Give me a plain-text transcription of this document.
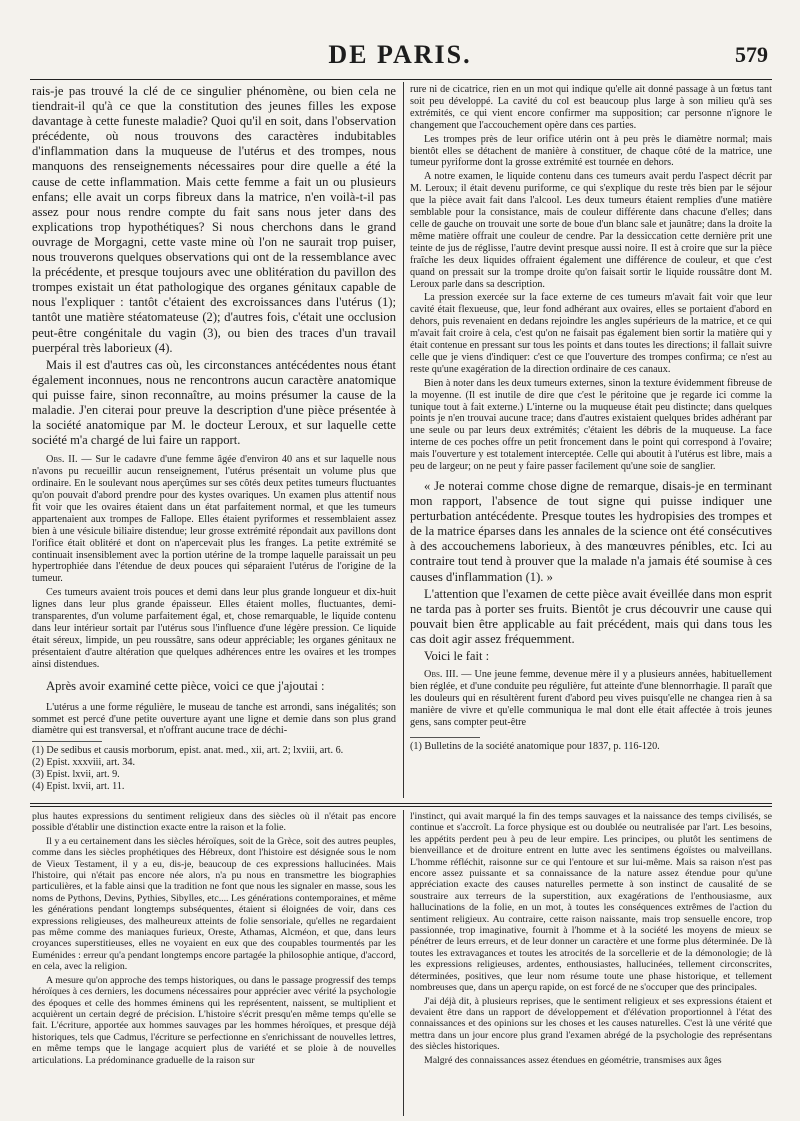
DE PARIS.	579

rais-je pas trouvé la clé de ce singulier phénomène, ou bien cela ne tiendrait-il qu'à ce que la constitution des jeunes filles les expose davantage à cette funeste maladie? Quoi qu'il en soit, dans l'observation précédente, où nous trouvons des caractères indubitables d'inflammation dans la muqueuse de l'utérus et des trompes, nous manquons des renseignements nécessaires pour dire quelle a été la cause de cette inflammation. Mais cette femme a fait un ou plusieurs enfans; elle avait un corps fibreux dans la matrice, n'en voilà-t-il pas assez pour nous rendre compte du fait sans nous jeter dans des explications trop hypothétiques? Si nous cherchons dans le grand ouvrage de Morgagni, cette vaste mine où l'on ne saurait trop puiser, nous trouverons quelques observations qui ont de la ressemblance avec la précédente, et presque toujours avec une oblitération du pavillon des trompes existait un état pathologique des organes génitaux capable de nous l'expliquer : tantôt c'étaient des excroissances dans l'utérus (1); tantôt une matière stéatomateuse (2); d'autres fois, c'était une occlusion peut-être congénitale du vagin (3), ou bien des traces d'un travail puerpéral très laborieux (4).

Mais il est d'autres cas où, les circonstances antécédentes nous étant également inconnues, nous ne rencontrons aucun caractère anatomique qui puisse faire, sinon reconnaître, au moins présumer la cause de la maladie. J'en citerai pour preuve la description d'une pièce présentée à la société anatomique par M. le docteur Leroux, et sur laquelle cette société m'a chargé de lui faire un rapport.

Obs. II. — Sur le cadavre d'une femme âgée d'environ 40 ans et sur laquelle nous n'avons pu recueillir aucun renseignement, l'utérus présentait un volume plus que ordinaire. En le soulevant nous aperçûmes sur ses côtés deux petites tumeurs fluctuantes qu'on pouvait d'abord prendre pour des kystes ovariques. Un examen plus attentif nous fit voir que les ovaires étaient dans un état parfaitement normal, et que les tumeurs appartenaient aux trompes de Fallope. Elles étaient pyriformes et ressemblaient assez bien à une vésicule biliaire distendue; leur grosse extrémité répondait aux pavillons dont l'orifice était oblitéré et dont on n'apercevait plus les franges. La petite extrémité se continuait insensiblement avec la portion utérine de la trompe laquelle paraissait un peu hypertrophiée dans l'étendue de deux pouces qui séparaient l'utérus de l'origine de la tumeur.

Ces tumeurs avaient trois pouces et demi dans leur plus grande longueur et dix-huit lignes dans leur plus grande épaisseur. Elles étaient molles, fluctuantes, demi-transparentes, d'un volume parfaitement égal, et, chose remarquable, le liquide contenu dans leur intérieur sortait par l'utérus sous l'influence d'une légère pression. Ce liquide était séreux, limpide, un peu roussâtre, sans odeur appréciable; les organes génitaux ne présentaient d'autre altération que quelques adhérences entre les ovaires et les trompes ainsi distendues.

Après avoir examiné cette pièce, voici ce que j'ajoutai :

L'utérus a une forme régulière, le museau de tanche est arrondi, sans inégalités; son sommet est percé d'une petite ouverture ayant une ligne et demie dans son plus grand diamètre qui est transversal, et n'offrant aucune trace de déchi-

(1) De sedibus et causis morborum, epist. anat. med., xii, art. 2; lxviii, art. 6.
(2) Epist. xxxviii, art. 34.
(3) Epist. lxvii, art. 9.
(4) Epist. lxvii, art. 11.

rure ni de cicatrice, rien en un mot qui indique qu'elle ait donné passage à un fœtus tant soit peu développé. La cavité du col est beaucoup plus large à son milieu qu'à ses extrémités, ce qui vient encore confirmer ma supposition; car personne n'ignore le changement que l'accouchement opère dans ces parties.

Les trompes près de leur orifice utérin ont à peu près le diamètre normal; mais bientôt elles se détachent de manière à constituer, de chaque côté de la matrice, une tumeur pyriforme dont la grosse extrémité est tournée en dehors.

A notre examen, le liquide contenu dans ces tumeurs avait perdu l'aspect décrit par M. Leroux; il était devenu puriforme, ce qui s'explique du reste très bien par le séjour que la pièce avait fait dans l'alcool. Les deux tumeurs étaient remplies d'une matière semblable pour la consistance, mais de couleur différente dans chacune d'elles; dans celle de gauche on trouvait une sorte de boue d'un blanc sale et jaunâtre; dans la droite la même matière offrait une couleur de cendre. Par la dessiccation cette dernière prit une teinte de jus de réglisse, l'autre devint presque aussi noire. Il est à croire que sur la pièce fraîche les deux liquides offraient également une différence de couleur, et que c'est quand on pressait sur la trompe droite qu'on faisait sortir le liquide roussâtre dont M. Leroux parle dans sa description.

La pression exercée sur la face externe de ces tumeurs m'avait fait voir que leur cavité était flexueuse, que, leur fond adhérant aux ovaires, elles se portaient d'abord en dehors, puis revenaient en dedans rejoindre les angles supérieurs de la matrice, et ce qui m'avait fait croire à cela, c'est qu'on ne faisait pas également bien sortir la matière qui y était contenue en pressant sur tous les points et dans toutes les directions; il fallait suivre celle que je viens d'indiquer: c'est ce que l'ouverture des trompes confirma; ce n'est au reste qu'une exagération de la direction ordinaire de ces canaux.

Bien à noter dans les deux tumeurs externes, sinon la texture évidemment fibreuse de la moyenne. (Il est inutile de dire que c'est le péritoine que je regarde ici comme la tunique tout à fait externe.) L'interne ou la muqueuse était peu distincte; dans quelques points je n'en trouvai aucune trace; dans d'autres existaient quelques brides adhérant par une seule ou par leurs deux extrémités; c'étaient les débris de la muqueuse. La face interne de ces poches offre un petit froncement dans le point qui correspond à l'ovaire; mais l'ouverture y est totalement interceptée. Celle qui aboutit à l'utérus est libre, mais a peu de largeur; on ne peut y faire passer facilement qu'une soie de sanglier.

« Je noterai comme chose digne de remarque, disais-je en terminant mon rapport, l'absence de tout signe qui puisse indiquer une perturbation antécédente. Presque toutes les hydropisies des trompes et de la matrice éparses dans les annales de la science ont été consécutives à des accouchemens laborieux, à des manœuvres pénibles, etc. Ici au contraire tout tend à prouver que la malade n'a jamais été soumise à ces causes d'inflammation (1). »

L'attention que l'examen de cette pièce avait éveillée dans mon esprit ne tarda pas à porter ses fruits. Bientôt je crus découvrir une cause qui pouvait bien être applicable au fait précédent, mais qui dans tous les cas doit agir assez fréquemment.

Voici le fait :

Obs. III. — Une jeune femme, devenue mère il y a plusieurs années, habituellement bien réglée, et d'une conduite peu régulière, fut atteinte d'une blennorrhagie. Il paraît que les douleurs qui en résultèrent furent d'abord peu vives puisqu'elle ne changea rien à sa manière de vivre et qu'elle communiqua le mal dont elle était affectée à trois jeunes gens, sans compter peut-être

(1) Bulletins de la société anatomique pour 1837, p. 116-120.

plus hautes expressions du sentiment religieux dans des siècles où il n'était pas encore possible d'établir une distinction exacte entre la raison et la folie.

Il y a eu certainement dans les siècles héroïques, soit de la Grèce, soit des autres peuples, comme dans les siècles prophétiques des Hébreux, dont l'histoire est désignée sous le nom de Vieux Testament, il y a eu, dis-je, beaucoup de ces expressions hallucinées. Mais l'histoire, qui n'était pas encore née alors, n'a pu nous en transmettre les biographies particulières, et la fable ainsi que la tradition ne font que nous les signaler en masse, sous les noms de Pythons, Devins, Pythies, Sibylles, etc.... Les générations contemporaines, et même les générations pendant longtemps subséquentes, étaient si éloignées de voir, dans ces expressions religieuses, des malheureux atteints de folie sensoriale, qu'elles ne regardaient pas même comme des maniaques furieux, Oreste, Athamas, Alcméon, et que, dans leurs croyances superstitieuses, elles ne voyaient en eux que des coupables tourmentés par les Euménides : erreur qu'a pendant longtemps encore partagée la philosophie antique, d'accord, en cela, avec la religion.

A mesure qu'on approche des temps historiques, ou dans le passage progressif des temps héroïques à ces derniers, les documens nécessaires pour apprécier avec vérité la psychologie des époques et celle des hommes éminens qui les représentent, naissent, se multiplient et acquièrent un certain degré de précision. L'histoire s'écrit presqu'en même temps qu'elle se fait. L'écriture, apportée aux hommes sauvages par les hommes héroïques, et presque déjà historiques, tels que Cadmus, l'écriture se perfectionne en s'enrichissant de nouvelles lettres, en même temps que le langage acquiert plus de variété et se ploie à de nouvelles articulations. La prédominance graduelle de la raison sur

l'instinct, qui avait marqué la fin des temps sauvages et la naissance des temps civilisés, se continue et s'accroît. La force physique est ou doublée ou neutralisée par l'art. Les besoins, les appétits perdent peu à peu de leur empire. Les principes, ou plutôt les sentimens de bienveillance et de droiture entrent en lutte avec les sentimens égoïstes ou malveillans. L'homme réfléchit, raisonne sur ce qui l'entoure et sur lui-même. Mais sa raison n'est pas encore assez puissante et sa connaissance de la nature assez étendue pour qu'une appréciation exacte des causes naturelles permette à son instinct de causalité de se soustraire aux terreurs de la superstition, aux exagérations de l'enthousiasme, aux hallucinations de la folie, en un mot, à toutes les conséquences extrêmes de l'action du sentiment religieux. Au contraire, cette raison naissante, mais trop sensuelle encore, trop passionnée, trop imaginative, fournit à l'homme et à la société les moyens de mieux se pénétrer de leurs erreurs, et de leur donner un caractère et une forme plus déterminée. De là toutes les extravagances et toutes les atrocités de la sorcellerie et de la démonologie; de là les expressions religieuses, ardentes, enthousiastes, hallucinées, tellement circonscrites, déterminées, positives, que leur nom résume toute une phase historique, et tellement nombreuses que, dans un aperçu rapide, on est forcé de ne s'occuper que des principales.

J'ai déjà dit, à plusieurs reprises, que le sentiment religieux et ses expressions étaient et devaient être dans un rapport de développement et d'élévation proportionnel à l'état des connaissances et des opinions sur les choses et les causes naturelles. C'est là une vérité que mettra dans un jour encore plus grand l'examen abrégé de la psychologie des représentans des siècles historiques.

Malgré des connaissances assez étendues en géométrie, transmises aux âges
